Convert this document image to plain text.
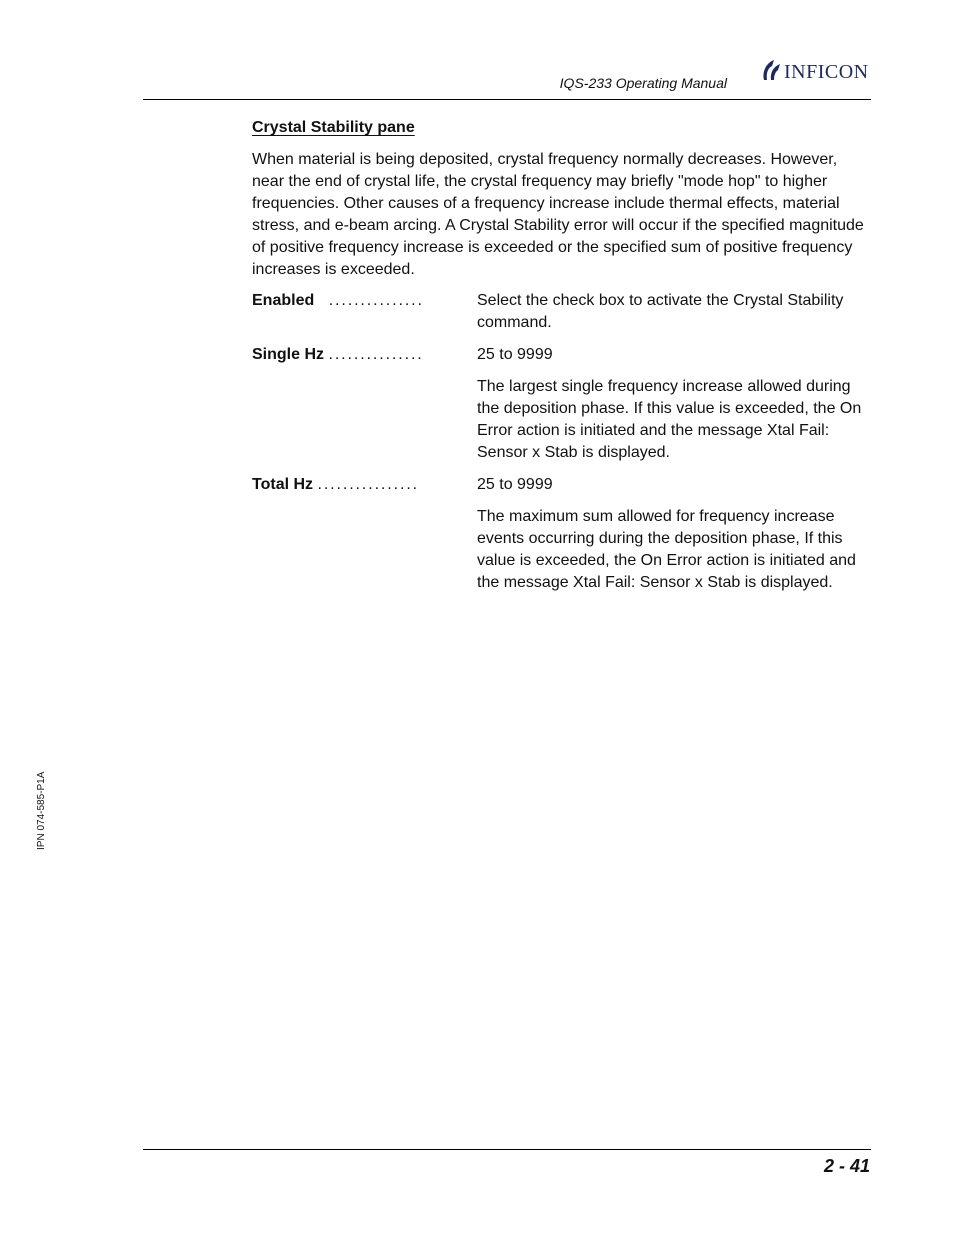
IQS-233 Operating Manual
INFICON
Crystal Stability pane

When material is being deposited, crystal frequency normally decreases. However, near the end of crystal life, the crystal frequency may briefly "mode hop" to higher frequencies. Other causes of a frequency increase include thermal effects, material stress, and e-beam arcing. A Crystal Stability error will occur if the specified magnitude of positive frequency increase is exceeded or the specified sum of positive frequency increases is exceeded.

Enabled ...............	Select the check box to activate the Crystal Stability command.

Single Hz ...............	25 to 9999

The largest single frequency increase allowed during the deposition phase. If this value is exceeded, the On Error action is initiated and the message Xtal Fail: Sensor x Stab is displayed.

Total Hz ................	25 to 9999

The maximum sum allowed for frequency increase events occurring during the deposition phase, If this value is exceeded, the On Error action is initiated and the message Xtal Fail: Sensor x Stab is displayed.

IPN 074-585-P1A
2 - 41
